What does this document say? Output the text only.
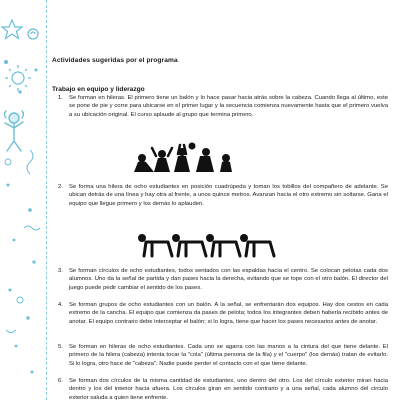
Actividades sugeridas por el programa
Trabajo en equipo y liderazgo
1. Se forman en hileras. El primero tiene un balón y lo hace pasar hacia atrás sobre la cabeza. Cuando llega al último, este se pone de pie y corre para ubicarse en el primer lugar y la secuencia comienza nuevamente hasta que el primero vuelva a su ubicación original. El curso aplaude al grupo que termina primero.
2. Se forma una hilera de ocho estudiantes en posición cuadrúpeda y toman los tobillos del compañero de adelante. Se ubican detrás de una línea y hay otra al frente, a unos quince metros. Avanzan hacia el otro extremo sin soltarse. Gana el equipo que llegue primero y los demás lo aplauden.
3. Se forman círculos de ocho estudiantes, todos sentados con las espaldas hacia el centro. Se colocan pelotas cada dos alumnos. Uno da la señal de partida y dan pases hacia la derecha, evitando que se tope con el otro balón. El director del juego puede pedir cambiar el sentido de los pases.
4. Se forman grupos de ocho estudiantes con un balón. A la señal, se enfrentarán dos equipos. Hay dos cestos en cada extremo de la cancha. El equipo que comienza da pases de pelota; todos los integrantes deben haberla recibido antes de anotar. El equipo contrario debe interceptar el balón; si lo logra, tiene que hacer los pases necesarios antes de anotar.
5. Se forman en hileras de ocho estudiantes. Cada uno se agarra con las manos a la cintura del que tiene delante. El primero de la hilera (cabeza) intenta tocar la "cola" (última persona de la fila) y el "cuerpo" (los demás) tratan de evitarlo. Si lo logra, otro hace de "cabeza". Nadie puede perder el contacto con el que tiene delante.
6. Se forman dos círculos de la misma cantidad de estudiantes, uno dentro del otro. Los del círculo exterior miran hacia dentro y los del interior hacia afuera. Los círculos giran en sentido contrario y a una señal, cada alumno del circulo exterior saluda a quien tiene enfrente.
